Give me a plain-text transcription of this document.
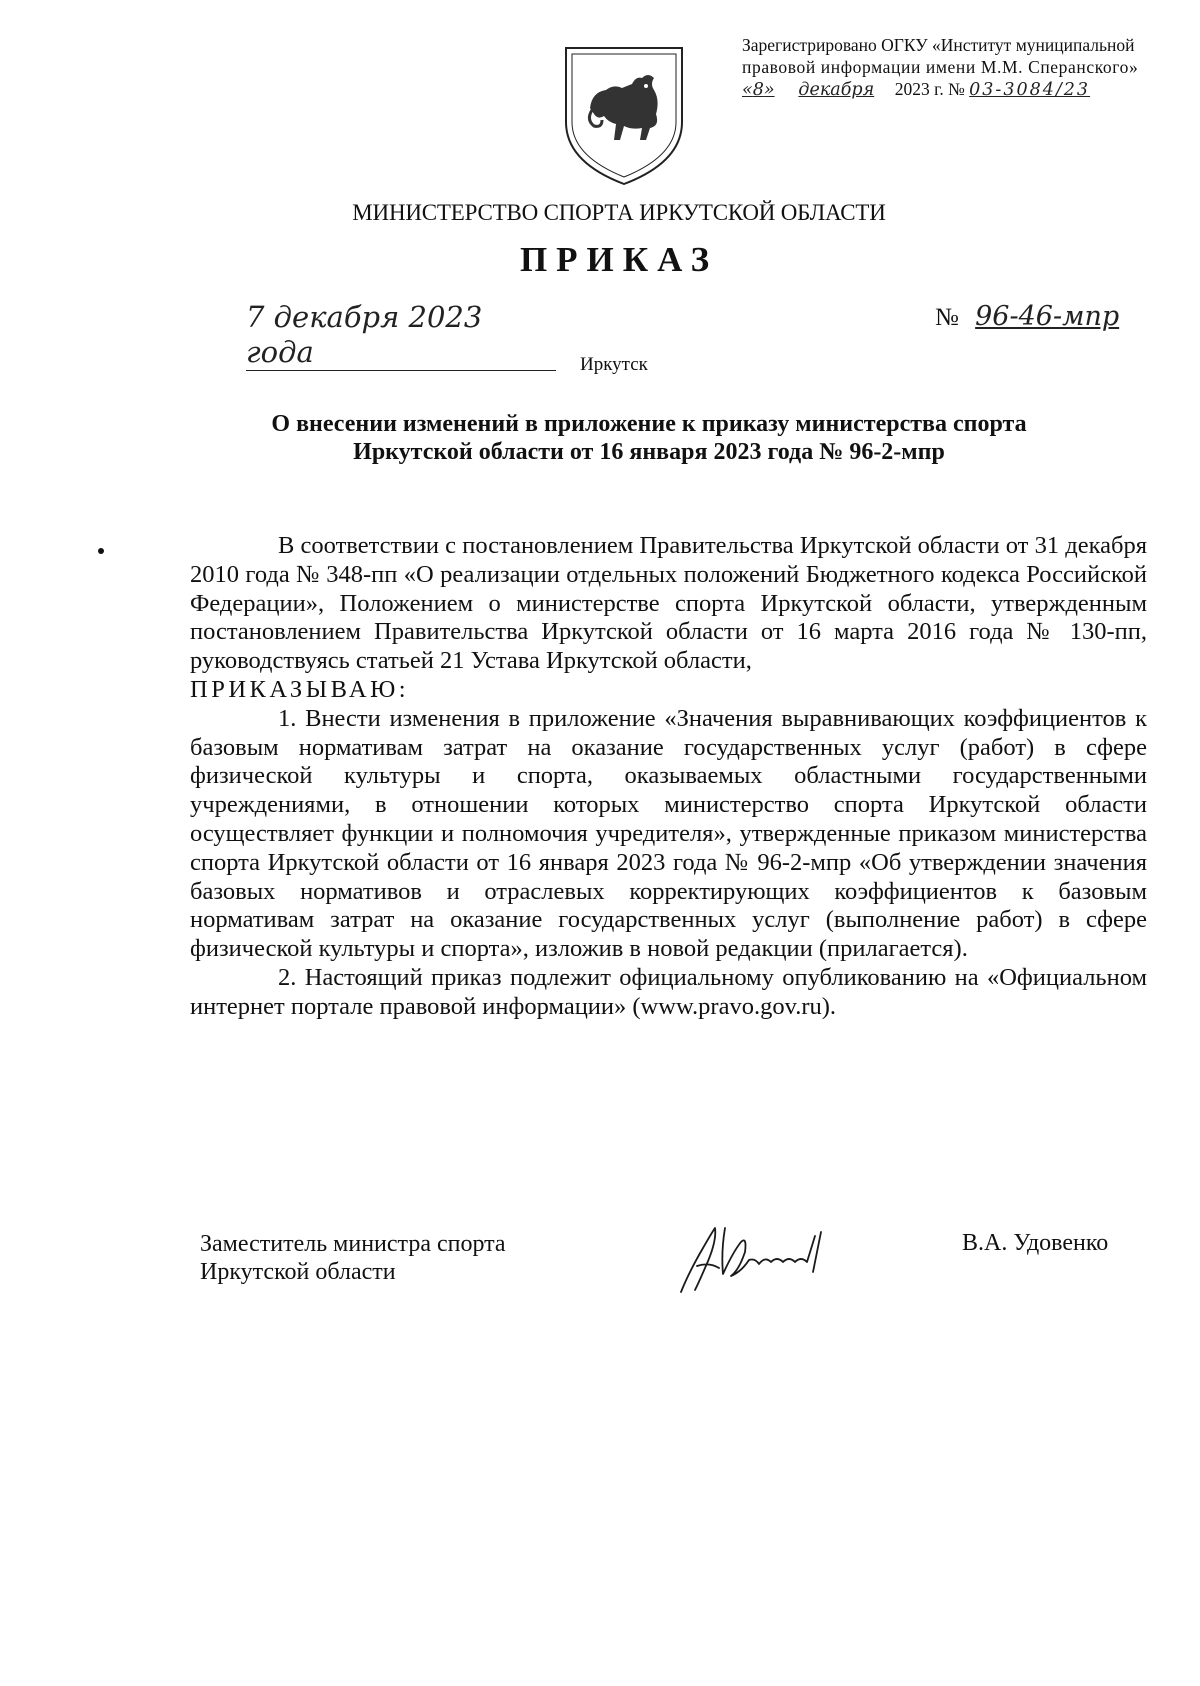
Зарегистрировано ОГКУ «Институт муниципальной

правовой информации имени М.М. Сперанского»
«8» декабря 2023 г. № 03-3084/23
МИНИСТЕРСТВО СПОРТА ИРКУТСКОЙ ОБЛАСТИ
ПРИКАЗ
7 декабря 2023 года
№ 96-46-мпр
Иркутск
О внесении изменений в приложение к приказу министерства спорта
Иркутской области от 16 января 2023 года № 96-2-мпр

В соответствии с постановлением Правительства Иркутской области от 31 декабря 2010 года № 348-пп «О реализации отдельных положений Бюджетного кодекса Российской Федерации», Положением о министерстве спорта Иркутской области, утвержденным постановлением Правительства Иркутской области от 16 марта 2016 года № 130-пп, руководствуясь статьей 21 Устава Иркутской области,

ПРИКАЗЫВАЮ:

1. Внести изменения в приложение «Значения выравнивающих коэффициентов к базовым нормативам затрат на оказание государственных услуг (работ) в сфере физической культуры и спорта, оказываемых областными государственными учреждениями, в отношении которых министерство спорта Иркутской области осуществляет функции и полномочия учредителя», утвержденные приказом министерства спорта Иркутской области от 16 января 2023 года № 96-2-мпр «Об утверждении значения базовых нормативов и отраслевых корректирующих коэффициентов к базовым нормативам затрат на оказание государственных услуг (выполнение работ) в сфере физической культуры и спорта», изложив в новой редакции (прилагается).

2. Настоящий приказ подлежит официальному опубликованию на «Официальном интернет портале правовой информации» (www.pravo.gov.ru).

Заместитель министра спорта
Иркутской области
В.А. Удовенко
